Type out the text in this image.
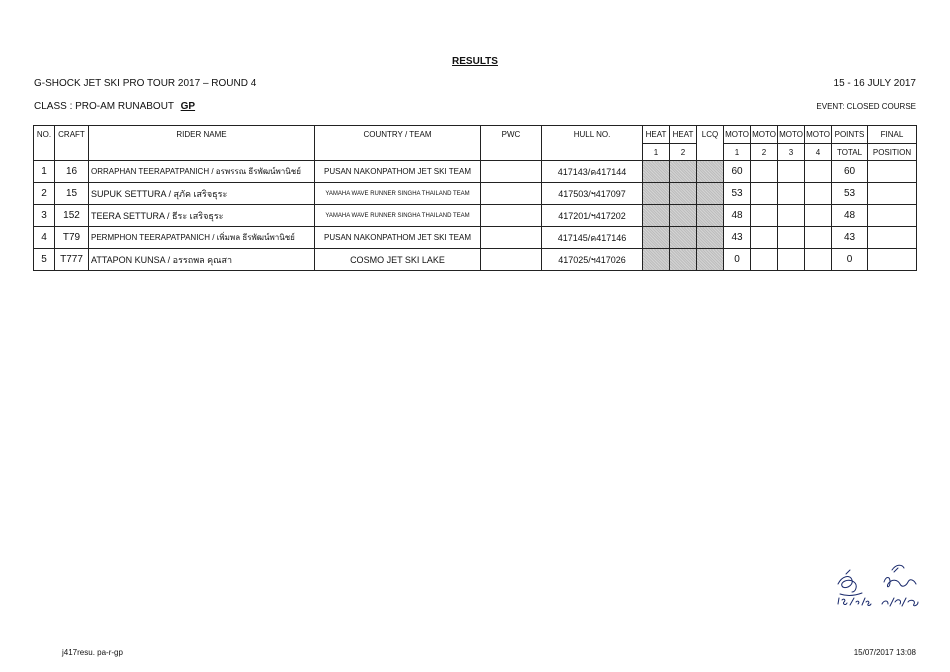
RESULTS
G-SHOCK JET SKI PRO TOUR 2017 – ROUND 4	15 - 16 JULY 2017
CLASS : PRO-AM RUNABOUT GP	EVENT: CLOSED COURSE
NO.	CRAFT	RIDER NAME	COUNTRY / TEAM	PWC	HULL NO.	HEAT	HEAT	LCQ	MOTO	MOTO	MOTO	MOTO	POINTS	FINAL
						1	2		1	2	3	4	TOTAL	POSITION
1	16	ORRAPHAN TEERAPATPANICH / อรพรรณ ธีรพัฒน์พานิชย์	PUSAN NAKONPATHOM JET SKI TEAM		417143/ค417144				60				60	
2	15	SUPUK SETTURA / สุภัค เสริจธุระ	YAMAHA WAVE RUNNER SINGHA THAILAND TEAM		417503/ฯ417097				53				53	
3	152	TEERA SETTURA / ธีระ เสริจธุระ	YAMAHA WAVE RUNNER SINGHA THAILAND TEAM		417201/ฯ417202				48				48	
4	T79	PERMPHON TEERAPATPANICH / เพิ่มพล ธีรพัฒน์พานิชย์	PUSAN NAKONPATHOM JET SKI TEAM		417145/ค417146				43				43	
5	T777	ATTAPON KUNSA / อรรถพล คุณสา	COSMO JET SKI LAKE		417025/ฯ417026				0				0	
j417resu. pa-r-gp	15/07/2017 13:08
